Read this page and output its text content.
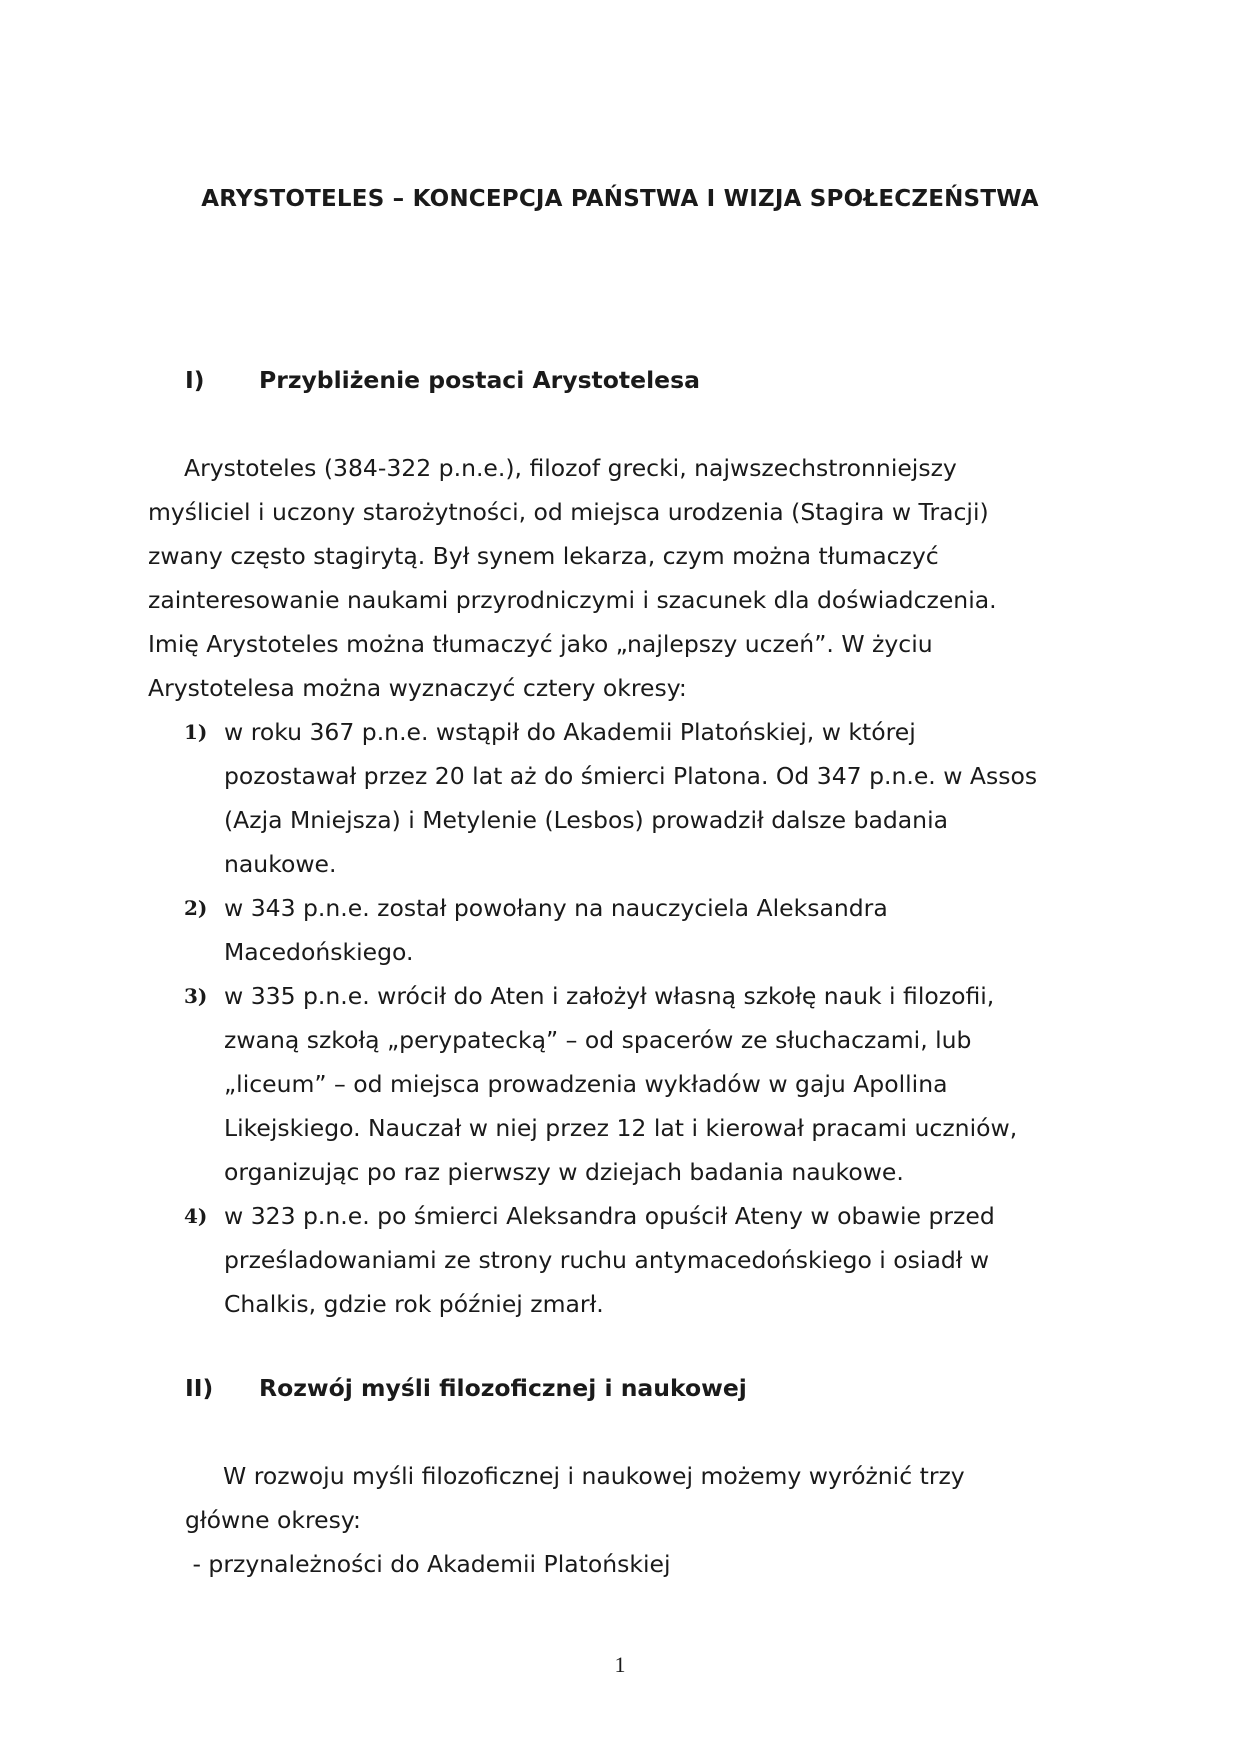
ARYSTOTELES – KONCEPCJA PAŃSTWA I WIZJA SPOŁECZEŃSTWA
I) Przybliżenie postaci Arystotelesa
Arystoteles (384-322 p.n.e.), filozof grecki, najwszechstronniejszy
myśliciel i uczony starożytności, od miejsca urodzenia (Stagira w Tracji)
zwany często stagirytą. Był synem lekarza, czym można tłumaczyć
zainteresowanie naukami przyrodniczymi i szacunek dla doświadczenia.
Imię Arystoteles można tłumaczyć jako „najlepszy uczeń”. W życiu
Arystotelesa można wyznaczyć cztery okresy:
1) w roku 367 p.n.e. wstąpił do Akademii Platońskiej, w której
pozostawał przez 20 lat aż do śmierci Platona. Od 347 p.n.e. w Assos
(Azja Mniejsza) i Metylenie (Lesbos) prowadził dalsze badania
naukowe.
2) w 343 p.n.e. został powołany na nauczyciela Aleksandra
Macedońskiego.
3) w 335 p.n.e. wrócił do Aten i założył własną szkołę nauk i filozofii,
zwaną szkołą „perypatecką” – od spacerów ze słuchaczami, lub
„liceum” – od miejsca prowadzenia wykładów w gaju Apollina
Likejskiego. Nauczał w niej przez 12 lat i kierował pracami uczniów,
organizując po raz pierwszy w dziejach badania naukowe.
4) w 323 p.n.e. po śmierci Aleksandra opuścił Ateny w obawie przed
prześladowaniami ze strony ruchu antymacedońskiego i osiadł w
Chalkis, gdzie rok później zmarł.
II) Rozwój myśli filozoficznej i naukowej
W rozwoju myśli filozoficznej i naukowej możemy wyróżnić trzy
główne okresy:
- przynależności do Akademii Platońskiej
1
